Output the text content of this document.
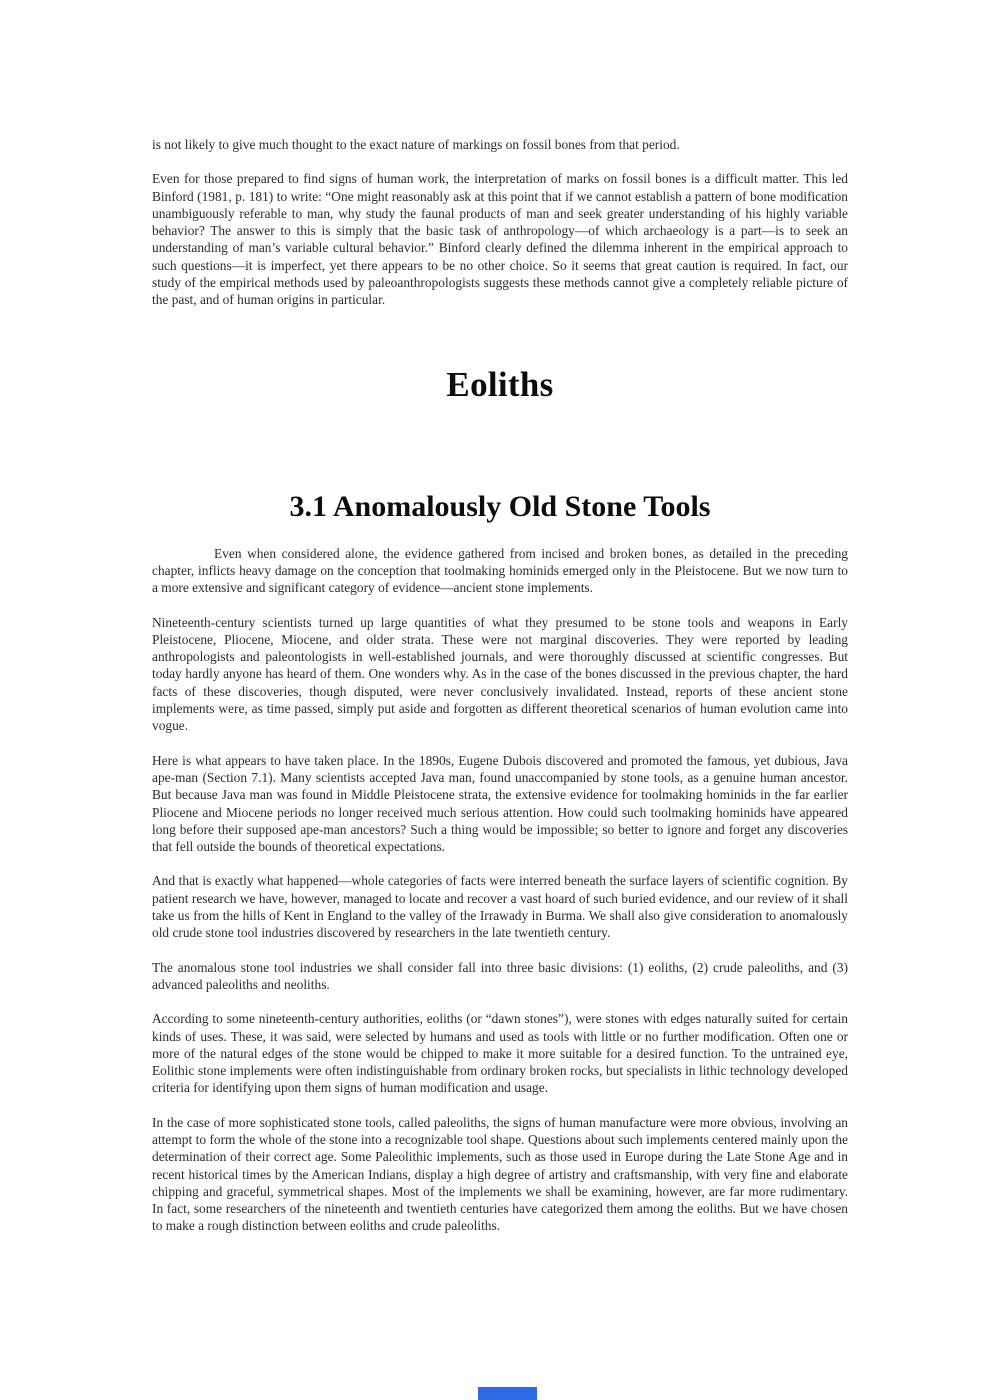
is not likely to give much thought to the exact nature of markings on fossil bones from that period.

Even for those prepared to find signs of human work, the interpretation of marks on fossil bones is a difficult matter. This led Binford (1981, p. 181) to write: “One might reasonably ask at this point that if we cannot establish a pattern of bone modification unambiguously referable to man, why study the faunal products of man and seek greater understanding of his highly variable behavior? The answer to this is simply that the basic task of anthropology—of which archaeology is a part—is to seek an understanding of man’s variable cultural behavior.” Binford clearly defined the dilemma inherent in the empirical approach to such questions—it is imperfect, yet there appears to be no other choice. So it seems that great caution is required. In fact, our study of the empirical methods used by paleoanthropologists suggests these methods cannot give a completely reliable picture of the past, and of human origins in particular.

Eoliths
3.1 Anomalously Old Stone Tools

Even when considered alone, the evidence gathered from incised and broken bones, as detailed in the preceding chapter, inflicts heavy damage on the conception that toolmaking hominids emerged only in the Pleistocene. But we now turn to a more extensive and significant category of evidence—ancient stone implements.

Nineteenth-century scientists turned up large quantities of what they presumed to be stone tools and weapons in Early Pleistocene, Pliocene, Miocene, and older strata. These were not marginal discoveries. They were reported by leading anthropologists and paleontologists in well-established journals, and were thoroughly discussed at scientific congresses. But today hardly anyone has heard of them. One wonders why. As in the case of the bones discussed in the previous chapter, the hard facts of these discoveries, though disputed, were never conclusively invalidated. Instead, reports of these ancient stone implements were, as time passed, simply put aside and forgotten as different theoretical scenarios of human evolution came into vogue.

Here is what appears to have taken place. In the 1890s, Eugene Dubois discovered and promoted the famous, yet dubious, Java ape-man (Section 7.1). Many scientists accepted Java man, found unaccompanied by stone tools, as a genuine human ancestor. But because Java man was found in Middle Pleistocene strata, the extensive evidence for toolmaking hominids in the far earlier Pliocene and Miocene periods no longer received much serious attention. How could such toolmaking hominids have appeared long before their supposed ape-man ancestors? Such a thing would be impossible; so better to ignore and forget any discoveries that fell outside the bounds of theoretical expectations.

And that is exactly what happened—whole categories of facts were interred beneath the surface layers of scientific cognition. By patient research we have, however, managed to locate and recover a vast hoard of such buried evidence, and our review of it shall take us from the hills of Kent in England to the valley of the Irrawady in Burma. We shall also give consideration to anomalously old crude stone tool industries discovered by researchers in the late twentieth century.

The anomalous stone tool industries we shall consider fall into three basic divisions: (1) eoliths, (2) crude paleoliths, and (3) advanced paleoliths and neoliths.

According to some nineteenth-century authorities, eoliths (or “dawn stones”), were stones with edges naturally suited for certain kinds of uses. These, it was said, were selected by humans and used as tools with little or no further modification. Often one or more of the natural edges of the stone would be chipped to make it more suitable for a desired function. To the untrained eye, Eolithic stone implements were often indistinguishable from ordinary broken rocks, but specialists in lithic technology developed criteria for identifying upon them signs of human modification and usage.

In the case of more sophisticated stone tools, called paleoliths, the signs of human manufacture were more obvious, involving an attempt to form the whole of the stone into a recognizable tool shape. Questions about such implements centered mainly upon the determination of their correct age. Some Paleolithic implements, such as those used in Europe during the Late Stone Age and in recent historical times by the American Indians, display a high degree of artistry and craftsmanship, with very fine and elaborate chipping and graceful, symmetrical shapes. Most of the implements we shall be examining, however, are far more rudimentary. In fact, some researchers of the nineteenth and twentieth centuries have categorized them among the eoliths. But we have chosen to make a rough distinction between eoliths and crude paleoliths.
